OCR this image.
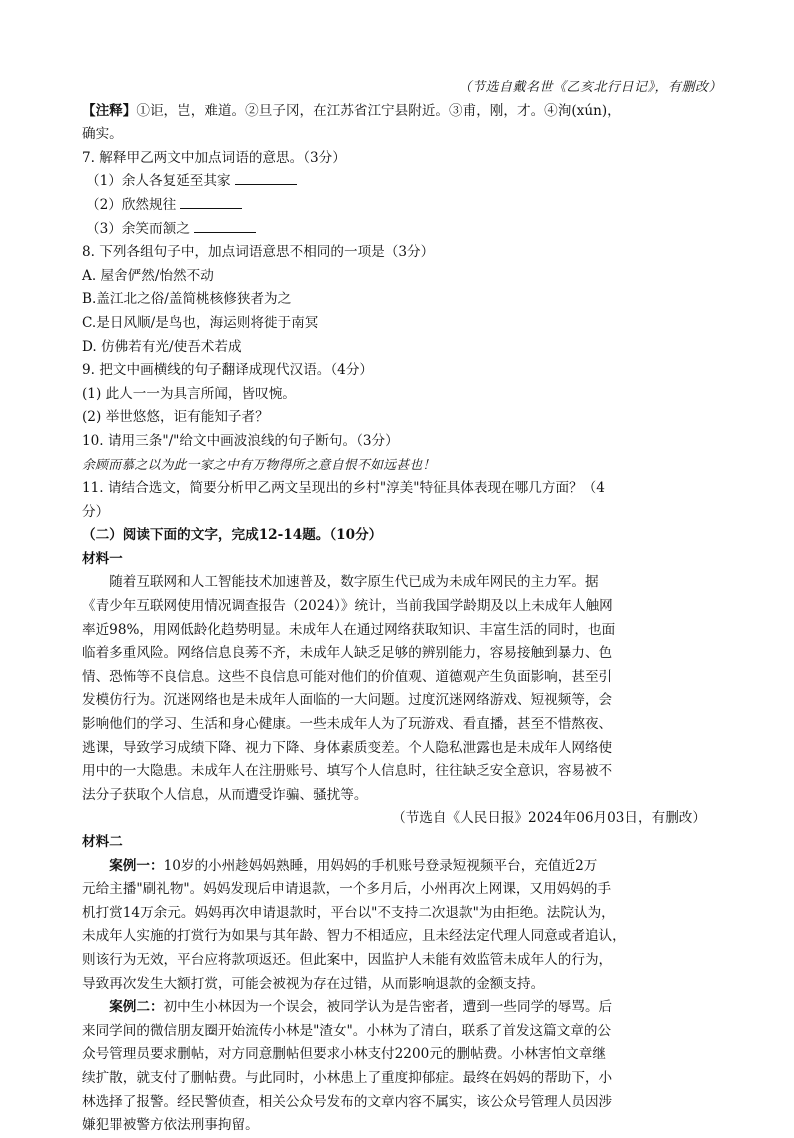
（节选自戴名世《乙亥北行日记》，有删改）
【注释】①讵，岂，难道。②旦子冈，在江苏省江宁县附近。③甫，刚，才。④洵(xún)，
确实。
7. 解释甲乙两文中加点词语的意思。（3分）
（1）余人各复延至其家
（2）欣然规往
（3）余笑而颔之
8. 下列各组句子中，加点词语意思不相同的一项是（3分）
A. 屋舍俨然/怡然不动
B.盖江北之俗/盖简桃核修狭者为之
C.是日风顺/是鸟也，海运则将徙于南冥
D. 仿佛若有光/使吾术若成
9. 把文中画横线的句子翻译成现代汉语。（4分）
(1) 此人一一为具言所闻，皆叹惋。
(2) 举世悠悠，讵有能知子者？
10. 请用三条"/"给文中画波浪线的句子断句。（3分）
余顾而慕之以为此一家之中有万物得所之意自恨不如远甚也！
11. 请结合选文，简要分析甲乙两文呈现出的乡村"淳美"特征具体表现在哪几方面？（4
分）
（二）阅读下面的文字，完成12-14题。（10分）
材料一
随着互联网和人工智能技术加速普及，数字原生代已成为未成年网民的主力军。据
《青少年互联网使用情况调查报告（2024）》统计，当前我国学龄期及以上未成年人触网
率近98%，用网低龄化趋势明显。未成年人在通过网络获取知识、丰富生活的同时，也面
临着多重风险。网络信息良莠不齐，未成年人缺乏足够的辨别能力，容易接触到暴力、色
情、恐怖等不良信息。这些不良信息可能对他们的价值观、道德观产生负面影响，甚至引
发模仿行为。沉迷网络也是未成年人面临的一大问题。过度沉迷网络游戏、短视频等，会
影响他们的学习、生活和身心健康。一些未成年人为了玩游戏、看直播，甚至不惜熬夜、
逃课，导致学习成绩下降、视力下降、身体素质变差。个人隐私泄露也是未成年人网络使
用中的一大隐患。未成年人在注册账号、填写个人信息时，往往缺乏安全意识，容易被不
法分子获取个人信息，从而遭受诈骗、骚扰等。
（节选自《人民日报》2024年06月03日，有删改）
材料二
案例一：10岁的小州趁妈妈熟睡，用妈妈的手机账号登录短视频平台，充值近2万
元给主播"刷礼物"。妈妈发现后申请退款，一个多月后，小州再次上网课，又用妈妈的手
机打赏14万余元。妈妈再次申请退款时，平台以"不支持二次退款"为由拒绝。法院认为，
未成年人实施的打赏行为如果与其年龄、智力不相适应，且未经法定代理人同意或者追认，
则该行为无效，平台应将款项返还。但此案中，因监护人未能有效监管未成年人的行为，
导致再次发生大额打赏，可能会被视为存在过错，从而影响退款的金额支持。
案例二：初中生小林因为一个误会，被同学认为是告密者，遭到一些同学的辱骂。后
来同学间的微信朋友圈开始流传小林是"渣女"。小林为了清白，联系了首发这篇文章的公
众号管理员要求删帖，对方同意删帖但要求小林支付2200元的删帖费。小林害怕文章继
续扩散，就支付了删帖费。与此同时，小林患上了重度抑郁症。最终在妈妈的帮助下，小
林选择了报警。经民警侦查，相关公众号发布的文章内容不属实，该公众号管理人员因涉
嫌犯罪被警方依法刑事拘留。
